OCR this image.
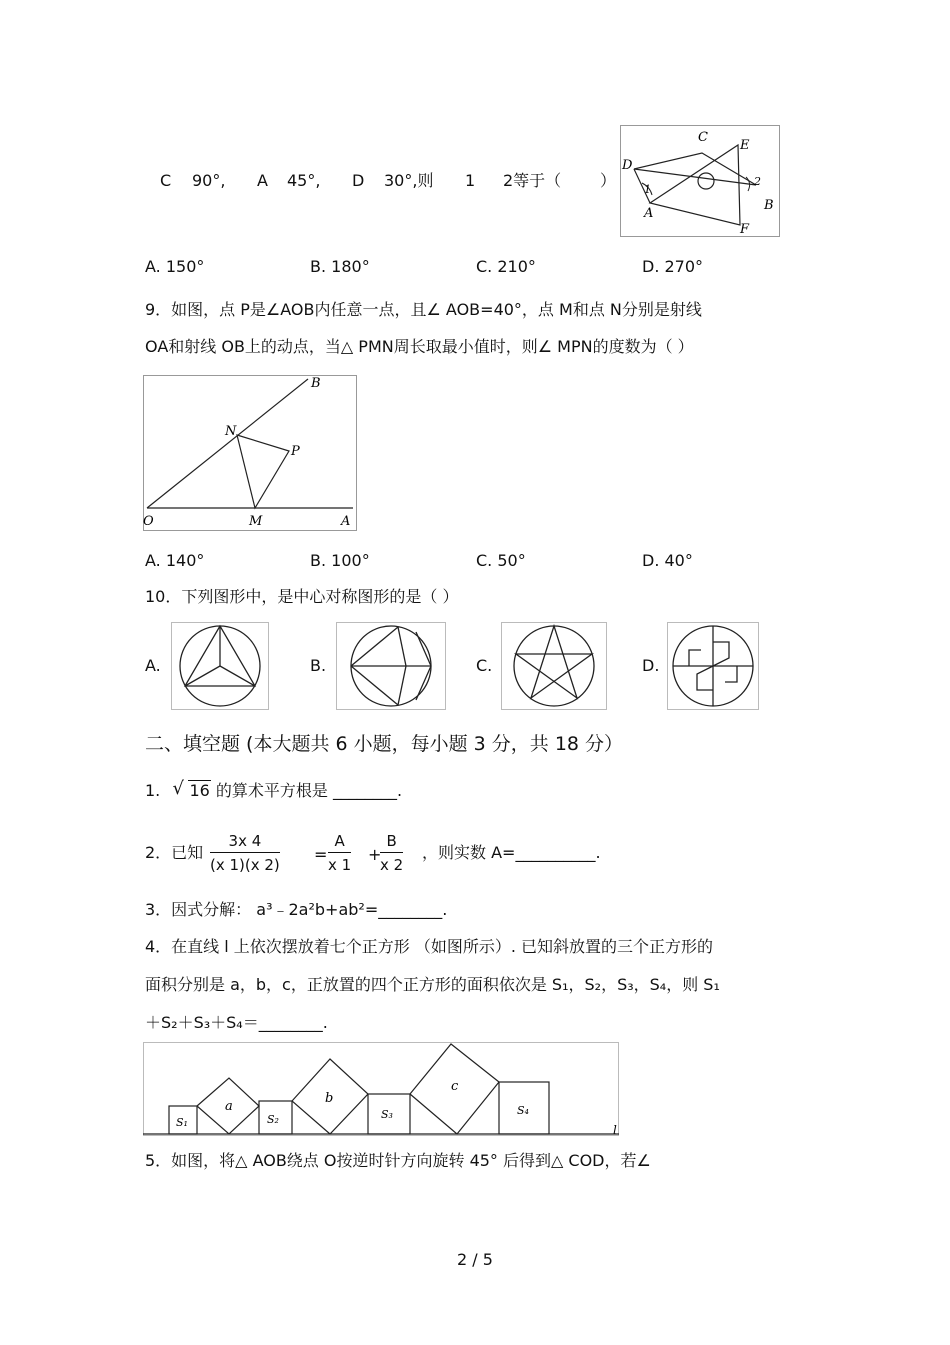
C 90°, A 45°, D 30°,则 1 2等于（ ）
C
E
D
1
2
A
B
F
A. 150°	B. 180°	C. 210°	D. 270°
9．如图，点 P是∠AOB内任意一点，且∠ AOB=40°，点 M和点 N分别是射线
OA和射线 OB上的动点，当△ PMN周长取最小值时，则∠ MPN的度数为（ ）
B
N
P
O	M	A
A. 140°	B. 100°	C. 50°	D. 40°
10．下列图形中，是中心对称图形的是（ ）
A.	B.	C.	D.
二、填空题 (本大题共 6 小题，每小题 3 分，共 18 分）
1. √ 16 的算术平方根是 ________.
2．已知 $\frac{3x 4}{(x 1)(x 2)} = \frac{A}{x 1}$ +
$\frac{B}{x 2}$ ，则实数 A=__________.
3．因式分解： a³﹣2a²b+ab²=________.
4．在直线 l 上依次摆放着七个正方形 （如图所示）. 已知斜放置的三个正方形的
面积分别是 a，b，c，正放置的四个正方形的面积依次是 S₁，S₂，S₃，S₄，则 S₁
＋S₂＋S₃＋S₄＝________.
a
b
c
S₁	S₂	S₃	S₄
l
5．如图，将△ AOB绕点 O按逆时针方向旋转 45° 后得到△ COD，若∠
2 / 5
